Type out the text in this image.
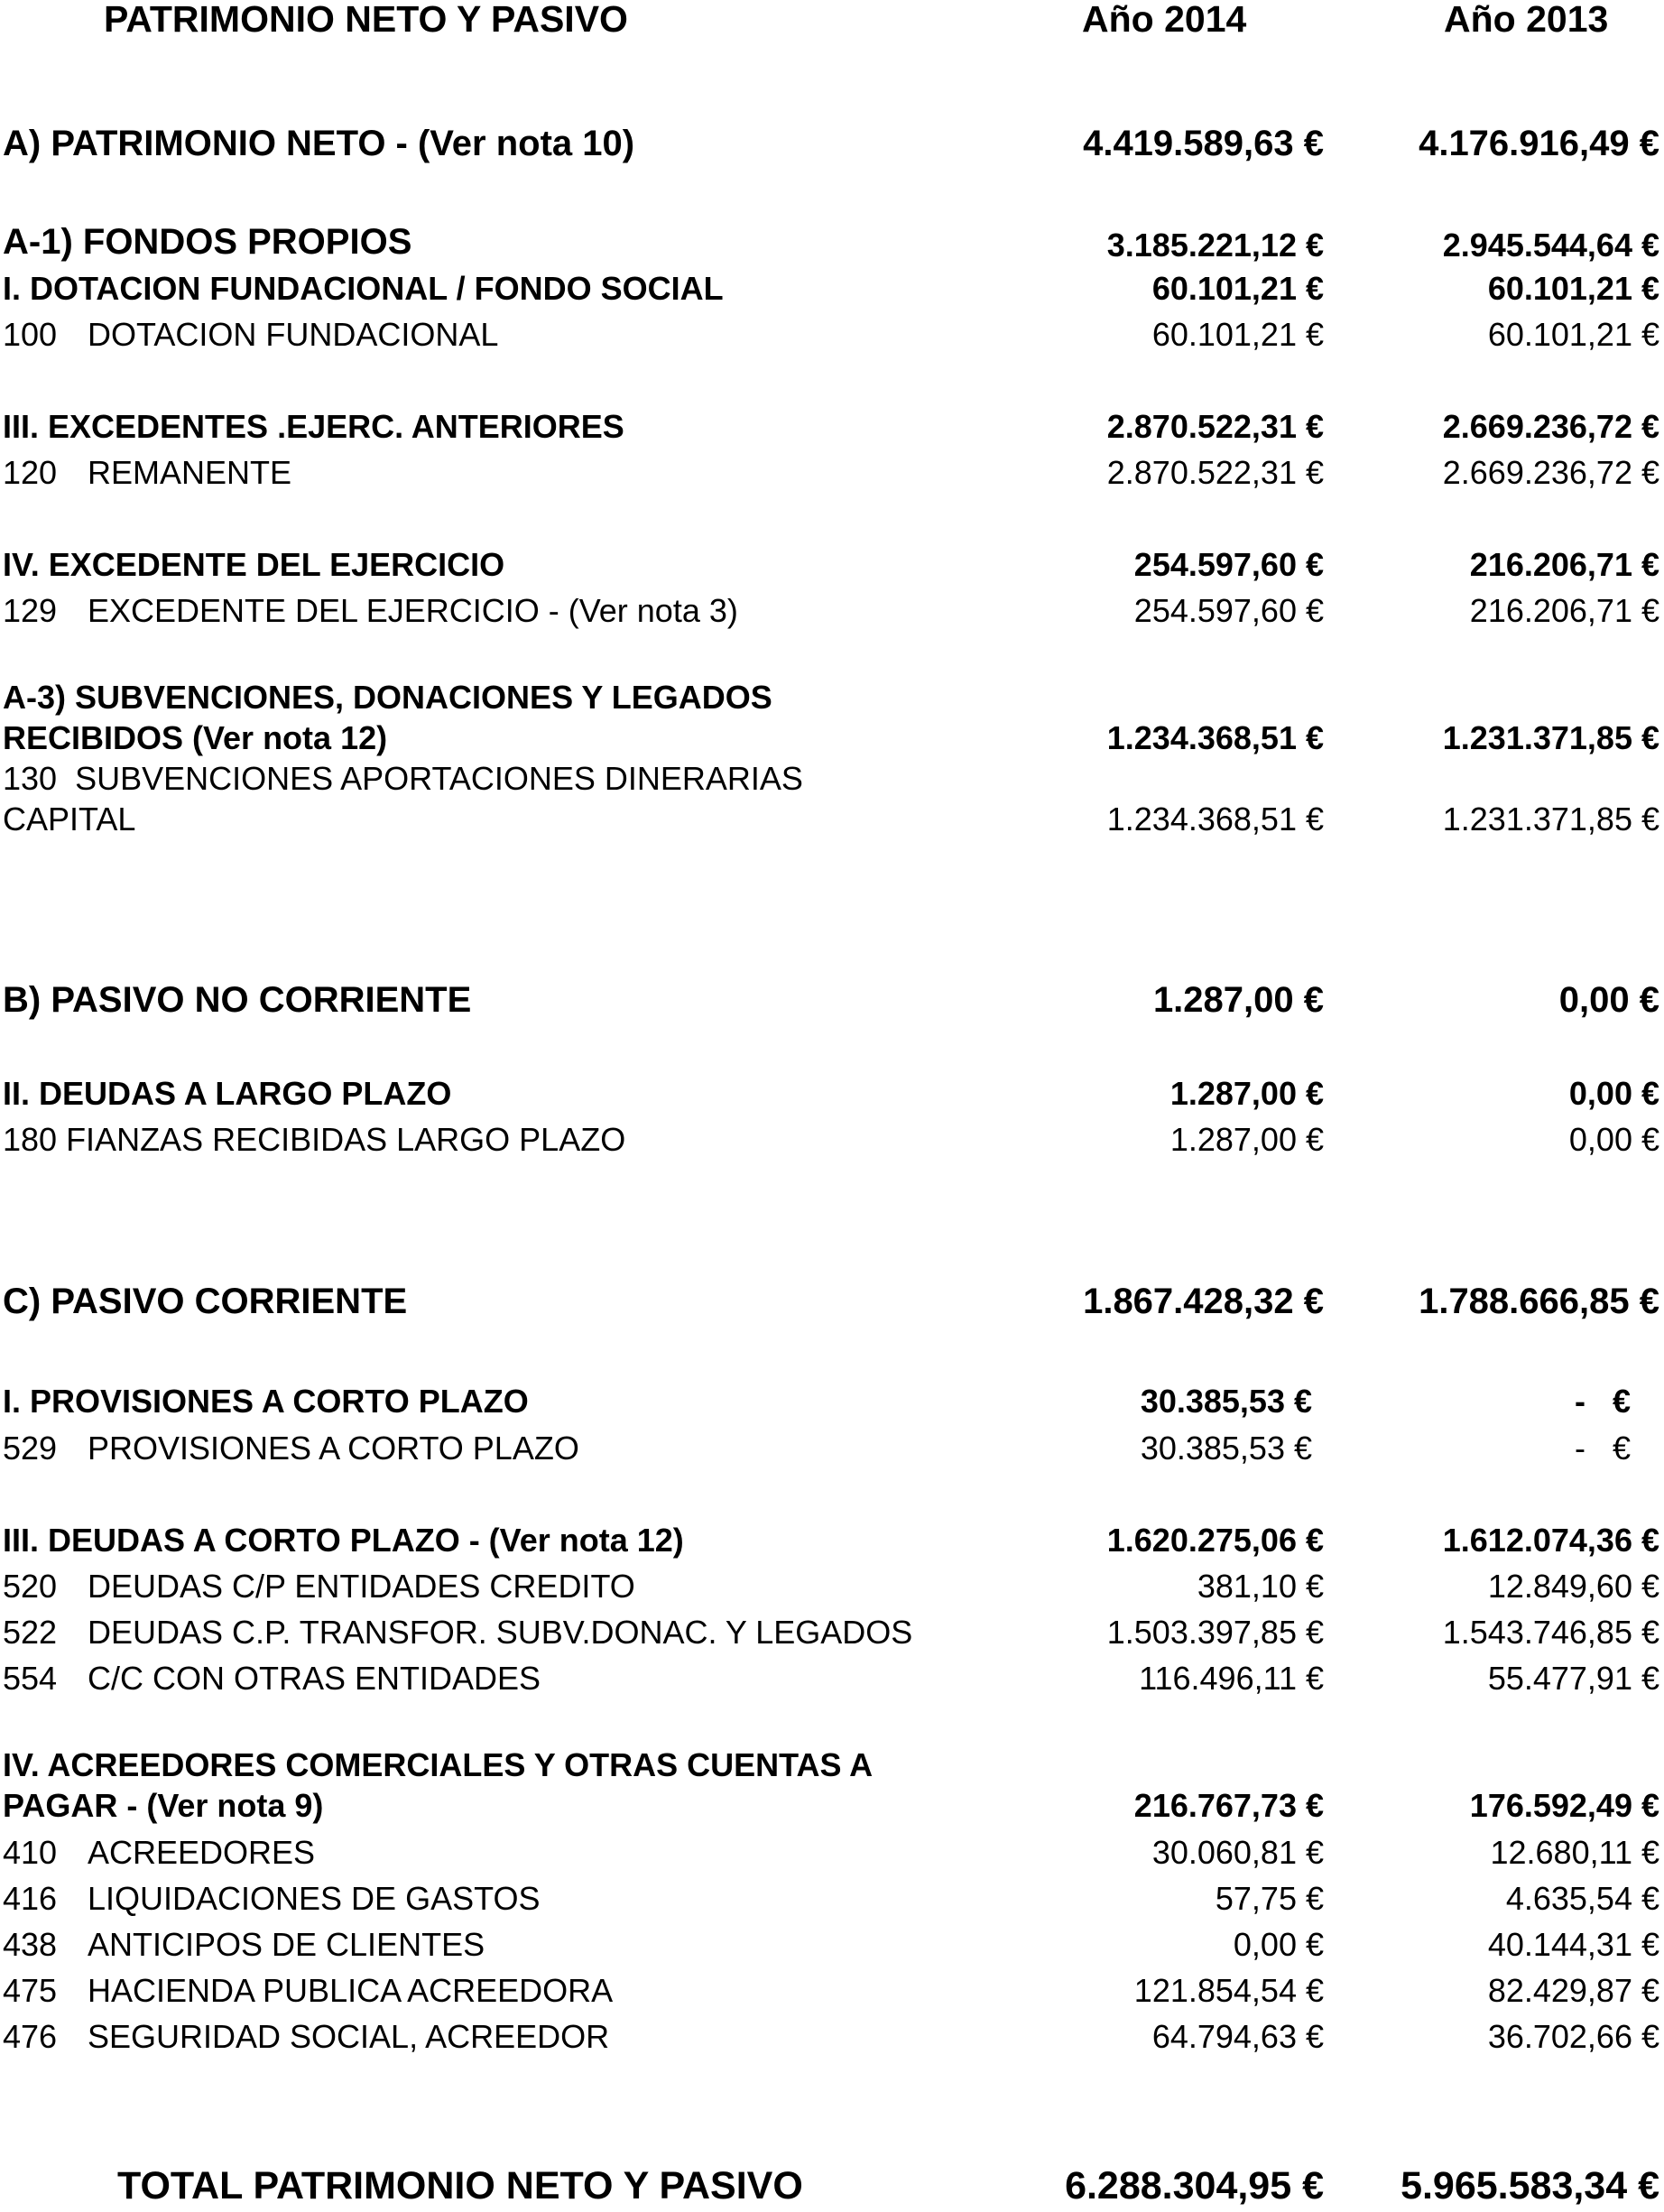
PATRIMONIO NETO Y PASIVO	Año 2014	Año 2013
A) PATRIMONIO NETO - (Ver nota 10)	4.419.589,63 €	4.176.916,49 €
A-1) FONDOS PROPIOS	3.185.221,12 €	2.945.544,64 €
I. DOTACION FUNDACIONAL / FONDO SOCIAL	60.101,21 €	60.101,21 €
100 DOTACION FUNDACIONAL	60.101,21 €	60.101,21 €
III. EXCEDENTES .EJERC. ANTERIORES	2.870.522,31 €	2.669.236,72 €
120 REMANENTE	2.870.522,31 €	2.669.236,72 €
IV. EXCEDENTE DEL EJERCICIO	254.597,60 €	216.206,71 €
129 EXCEDENTE DEL EJERCICIO - (Ver nota 3)	254.597,60 €	216.206,71 €
A-3) SUBVENCIONES, DONACIONES Y LEGADOS
RECIBIDOS (Ver nota 12)	1.234.368,51 €	1.231.371,85 €
130  SUBVENCIONES APORTACIONES DINERARIAS
CAPITAL	1.234.368,51 €	1.231.371,85 €
B) PASIVO NO CORRIENTE	1.287,00 €	0,00 €
II. DEUDAS A LARGO PLAZO	1.287,00 €	0,00 €
180 FIANZAS RECIBIDAS LARGO PLAZO	1.287,00 €	0,00 €
C) PASIVO CORRIENTE	1.867.428,32 €	1.788.666,85 €
I. PROVISIONES A CORTO PLAZO	30.385,53 €	-   €
529 PROVISIONES A CORTO PLAZO	30.385,53 €	-   €
III. DEUDAS A CORTO PLAZO - (Ver nota 12)	1.620.275,06 €	1.612.074,36 €
520 DEUDAS C/P ENTIDADES CREDITO	381,10 €	12.849,60 €
522 DEUDAS C.P. TRANSFOR. SUBV.DONAC. Y LEGADOS	1.503.397,85 €	1.543.746,85 €
554 C/C CON OTRAS ENTIDADES	116.496,11 €	55.477,91 €
IV. ACREEDORES COMERCIALES Y OTRAS CUENTAS A
PAGAR - (Ver nota 9)	216.767,73 €	176.592,49 €
410 ACREEDORES	30.060,81 €	12.680,11 €
416 LIQUIDACIONES DE GASTOS	57,75 €	4.635,54 €
438 ANTICIPOS DE CLIENTES	0,00 €	40.144,31 €
475 HACIENDA PUBLICA ACREEDORA	121.854,54 €	82.429,87 €
476 SEGURIDAD SOCIAL, ACREEDOR	64.794,63 €	36.702,66 €
TOTAL PATRIMONIO NETO Y PASIVO	6.288.304,95 € 5.965.583,34 €
